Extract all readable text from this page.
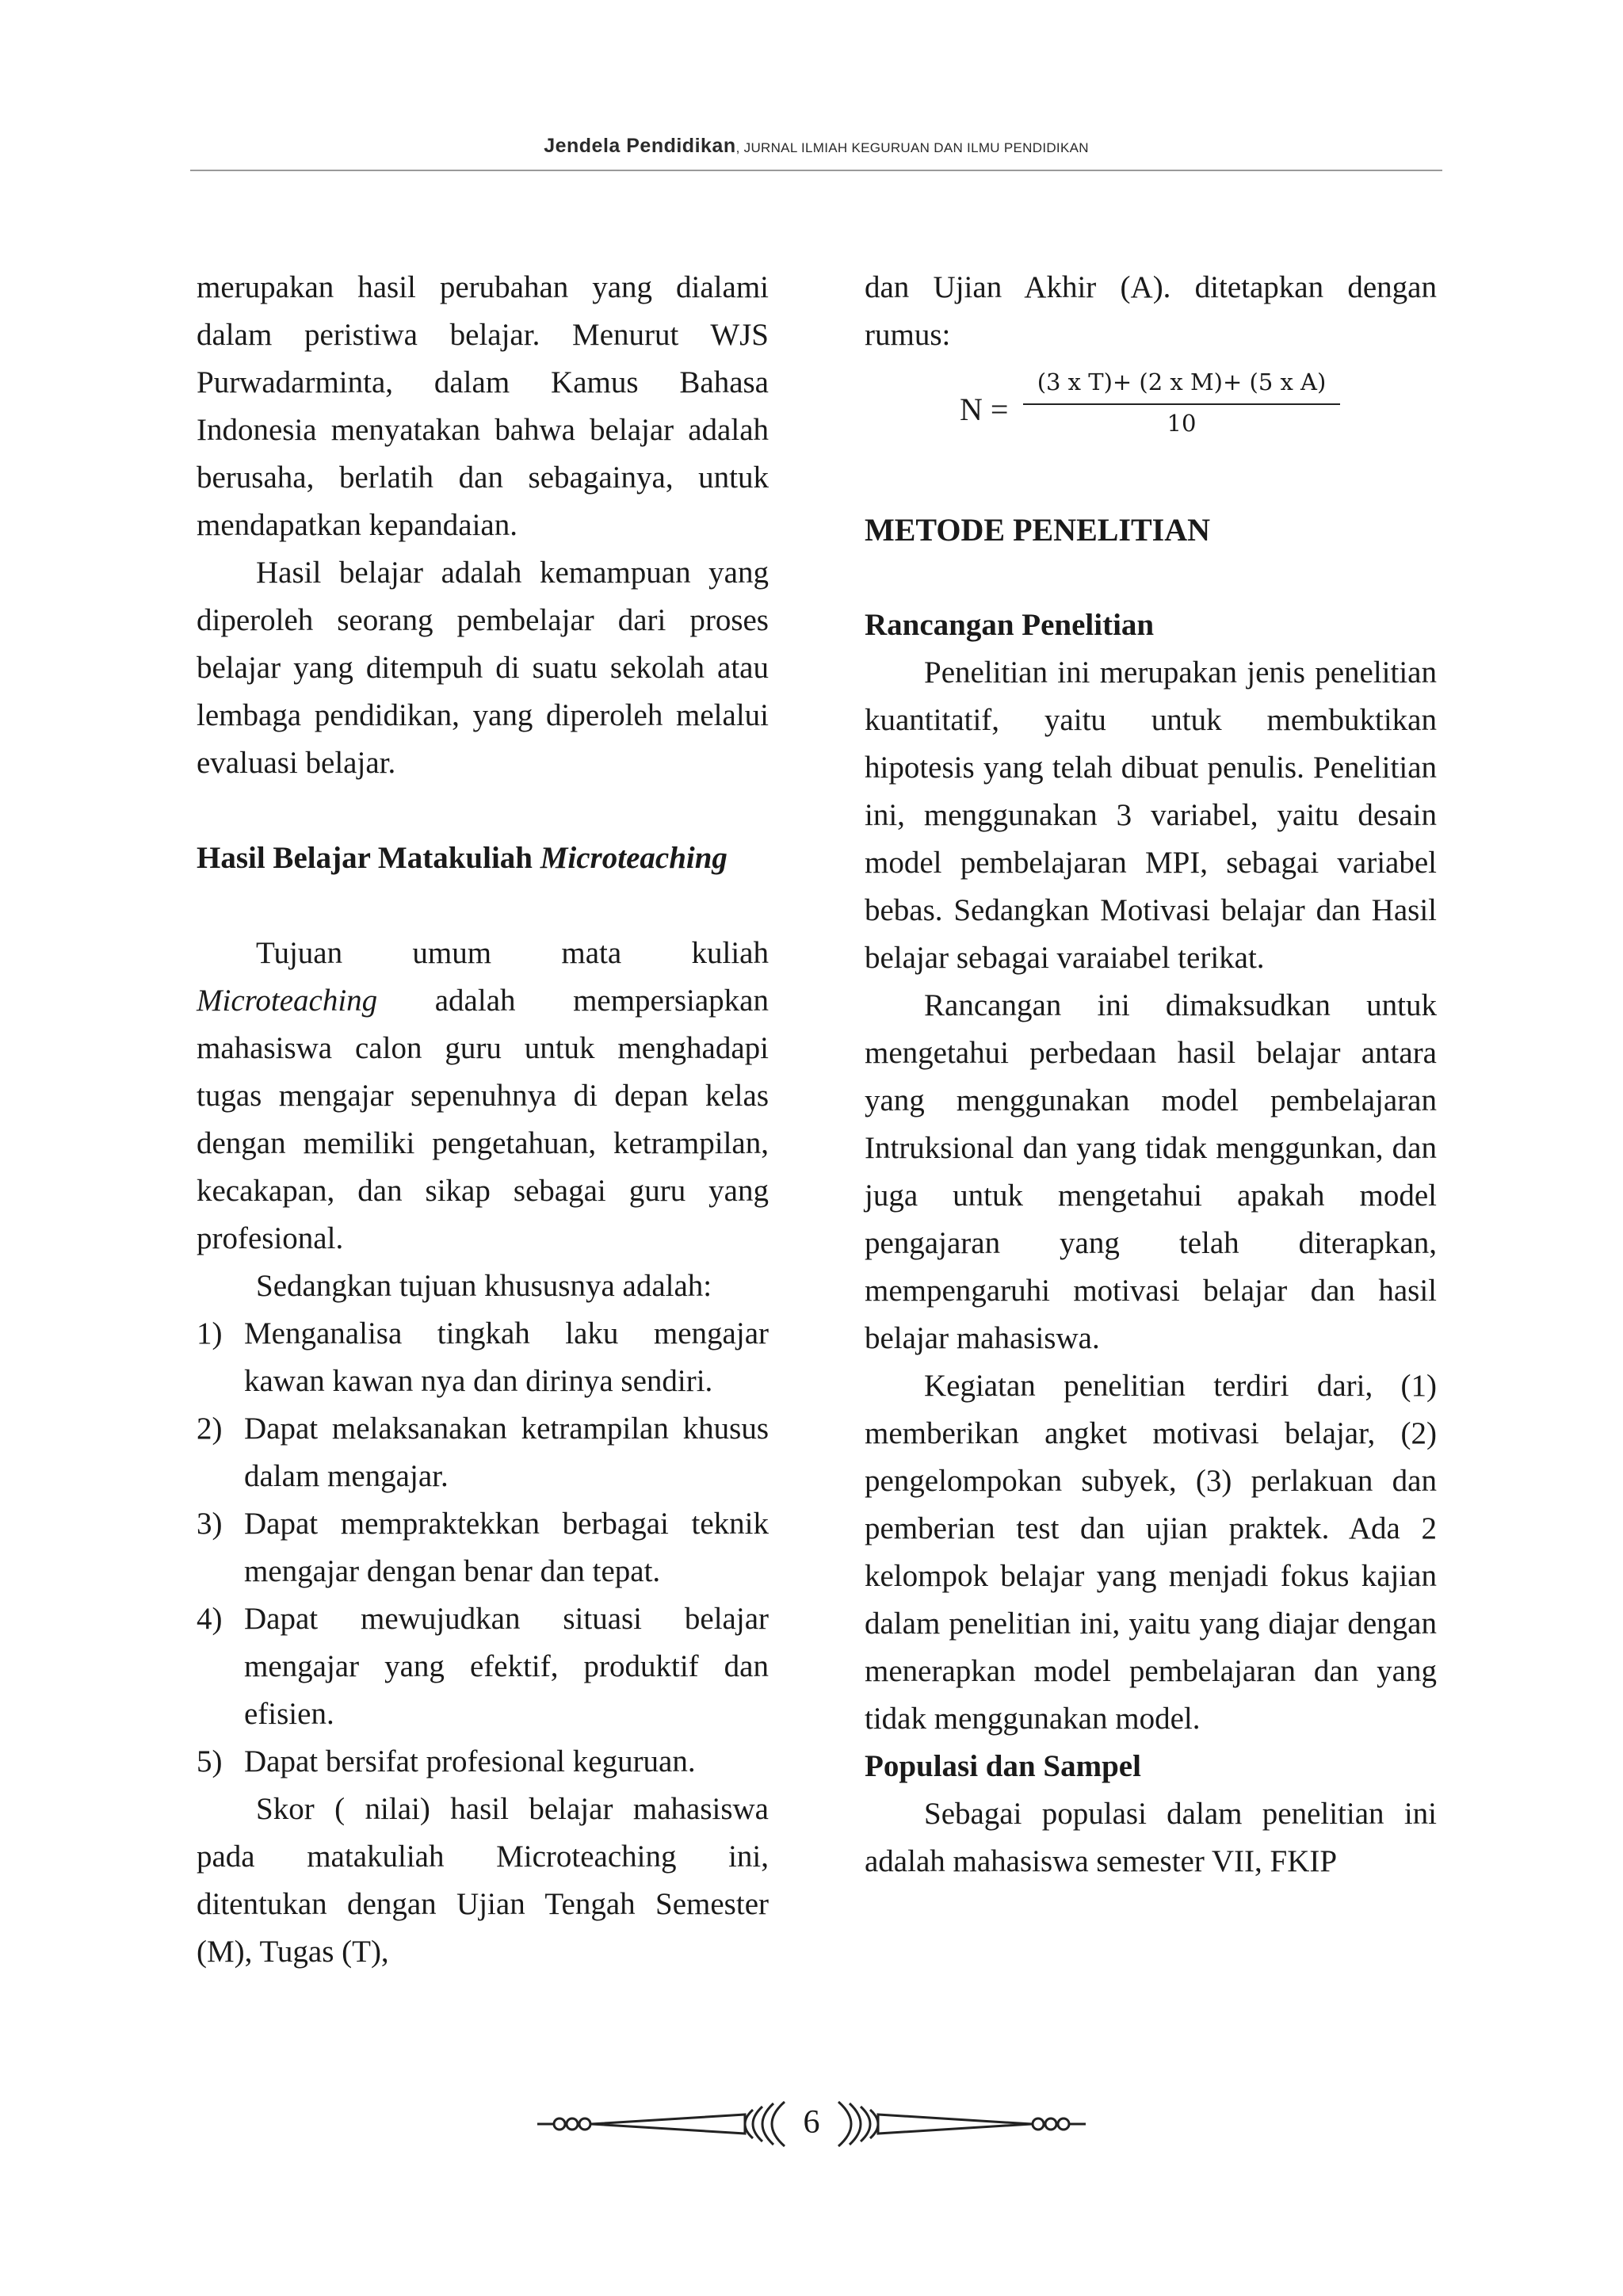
Jendela Pendidikan, JURNAL ILMIAH KEGURUAN DAN ILMU PENDIDIKAN

merupakan hasil perubahan yang dialami dalam peristiwa belajar. Menurut WJS Purwadarminta, dalam Kamus Bahasa Indonesia menyatakan bahwa belajar adalah berusaha, berlatih dan sebagainya, untuk mendapatkan kepandaian.

Hasil belajar adalah kemampuan yang diperoleh seorang pembelajar dari proses belajar yang ditempuh di suatu sekolah atau lembaga pendidikan, yang diperoleh melalui evaluasi belajar.

Hasil Belajar Matakuliah Microteaching

Tujuan umum mata kuliah Microteaching adalah mempersiapkan mahasiswa calon guru untuk menghadapi tugas mengajar sepenuhnya di depan kelas dengan memiliki pengetahuan, ketrampilan, kecakapan, dan sikap sebagai guru yang profesional.

Sedangkan tujuan khususnya adalah:

1) Menganalisa tingkah laku mengajar kawan kawan nya dan dirinya sendiri.
2) Dapat melaksanakan ketrampilan khusus dalam mengajar.
3) Dapat mempraktekkan berbagai teknik mengajar dengan benar dan tepat.
4) Dapat mewujudkan situasi belajar mengajar yang efektif, produktif dan efisien.
5) Dapat bersifat profesional keguruan.

Skor ( nilai) hasil belajar mahasiswa pada matakuliah Microteaching ini, ditentukan dengan Ujian Tengah Semester (M), Tugas (T),

dan Ujian Akhir (A). ditetapkan dengan rumus:

$N = \frac{\text{(3 x T)+ (2 x M)+ (5 x A)}}{10}$
METODE PENELITIAN
Rancangan Penelitian

Penelitian ini merupakan jenis penelitian kuantitatif, yaitu untuk membuktikan hipotesis yang telah dibuat penulis. Penelitian ini, menggunakan 3 variabel, yaitu desain model pembelajaran MPI, sebagai variabel bebas. Sedangkan Motivasi belajar dan Hasil belajar sebagai varaiabel terikat.

Rancangan ini dimaksudkan untuk mengetahui perbedaan hasil belajar antara yang menggunakan model pembelajaran Intruksional dan yang tidak menggunkan, dan juga untuk mengetahui apakah model pengajaran yang telah diterapkan, mempengaruhi motivasi belajar dan hasil belajar mahasiswa.

Kegiatan penelitian terdiri dari, (1) memberikan angket motivasi belajar, (2) pengelompokan subyek, (3) perlakuan dan pemberian test dan ujian praktek. Ada 2 kelompok belajar yang menjadi fokus kajian dalam penelitian ini, yaitu yang diajar dengan menerapkan model pembelajaran dan yang tidak menggunakan model.

Populasi dan Sampel

Sebagai populasi dalam penelitian ini adalah mahasiswa semester VII, FKIP

6
